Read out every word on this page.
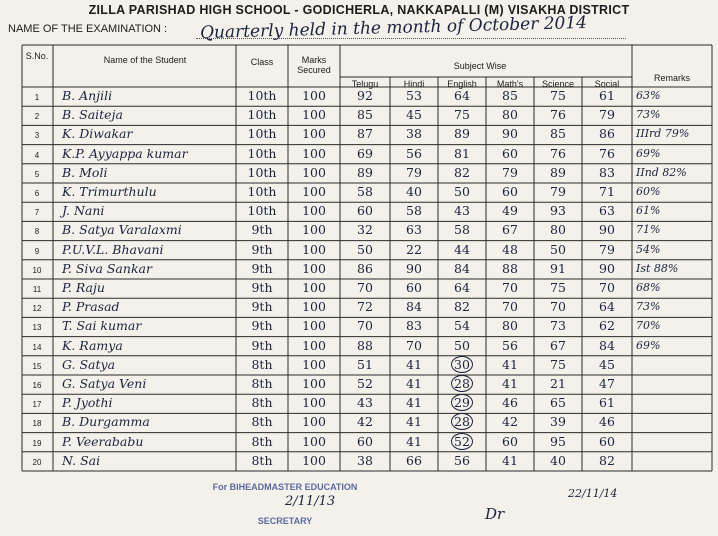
ZILLA PARISHAD HIGH SCHOOL - GODICHERLA, NAKKAPALLI (M) VISAKHA DISTRICT
NAME OF THE EXAMINATION : Quarterly held in the month of October 2014
S.No.	Name of the Student	Class	Marks Secured	Subject Wise
Remarks
Telugu	Hindi	English	Math's	Science	Social
1	B. Anjili	10th	100	92	53	64	85	75	61	63%
2	B. Saiteja	10th	100	85	45	75	80	76	79	73%
3	K. Diwakar	10th	100	87	38	89	90	85	86	IIIrd 79%
4	K.P. Ayyappa kumar	10th	100	69	56	81	60	76	76	69%
5	B. Moli	10th	100	89	79	82	79	89	83	IInd 82%
6	K. Trimurthulu	10th	100	58	40	50	60	79	71	60%
7	J. Nani	10th	100	60	58	43	49	93	63	61%
8	B. Satya Varalaxmi	9th	100	32	63	58	67	80	90	71%
9	P.U.V.L. Bhavani	9th	100	50	22	44	48	50	79	54%
10	P. Siva Sankar	9th	100	86	90	84	88	91	90	Ist 88%
11	P. Raju	9th	100	70	60	64	70	75	70	68%
12	P. Prasad	9th	100	72	84	82	70	70	64	73%
13	T. Sai kumar	9th	100	70	83	54	80	73	62	70%
14	K. Ramya	9th	100	88	70	50	56	67	84	69%
15	G. Satya	8th	100	51	41	30	41	75	45
16	G. Satya Veni	8th	100	52	41	28	41	21	47
17	P. Jyothi	8th	100	43	41	29	46	65	61
18	B. Durgamma	8th	100	42	41	28	42	39	46
19	P. Veerababu	8th	100	60	41	52	60	95	60
20	N. Sai	8th	100	38	66	56	41	40	82
For BIHEADMASTER EDUCATION
SECRETARY
2/11/13
Dr
22/11/14
